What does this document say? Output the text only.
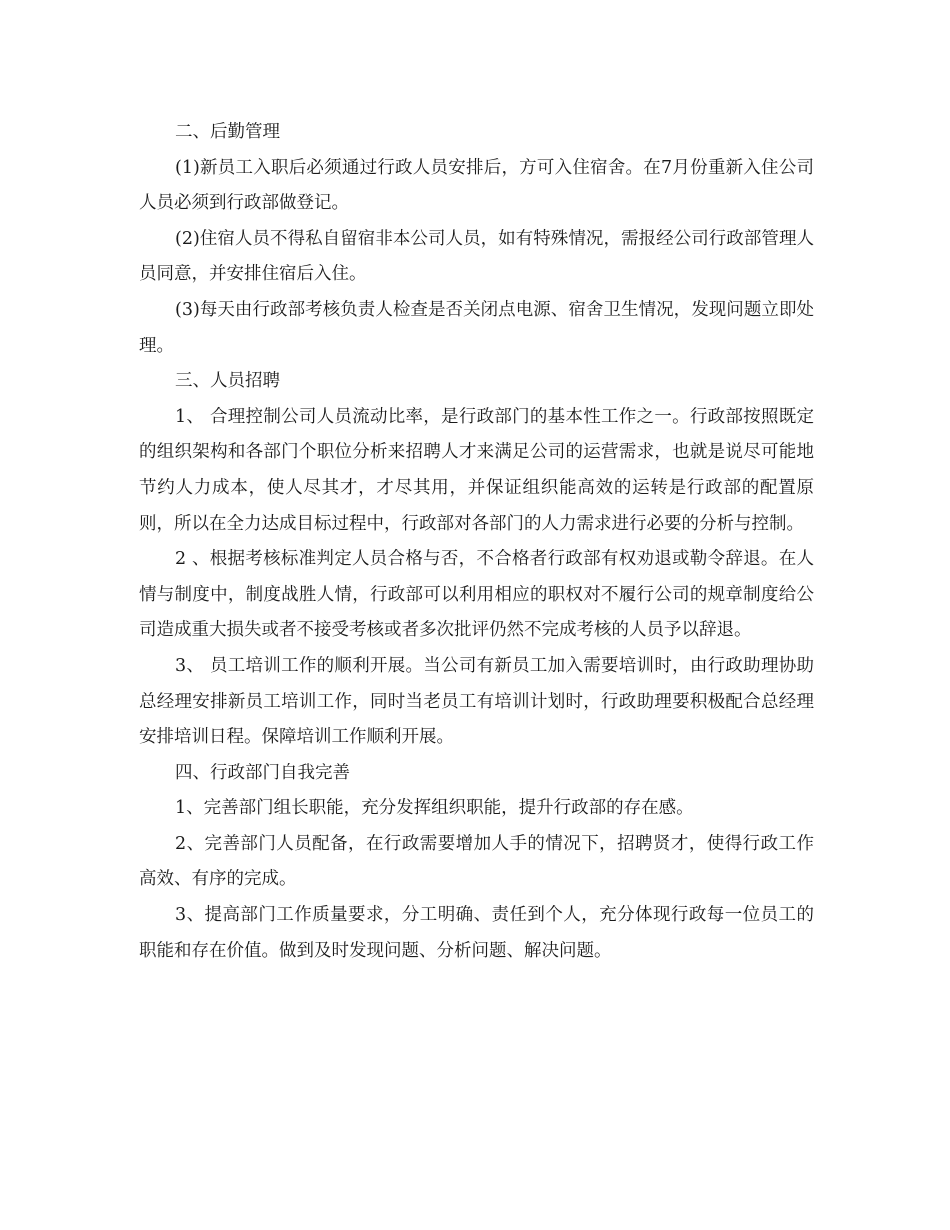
二、后勤管理

(1)新员工入职后必须通过行政人员安排后，方可入住宿舍。在7月份重新入住公司人员必须到行政部做登记。

(2)住宿人员不得私自留宿非本公司人员，如有特殊情况，需报经公司行政部管理人员同意，并安排住宿后入住。

(3)每天由行政部考核负责人检查是否关闭点电源、宿舍卫生情况，发现问题立即处理。

三、人员招聘

1、 合理控制公司人员流动比率，是行政部门的基本性工作之一。行政部按照既定的组织架构和各部门个职位分析来招聘人才来满足公司的运营需求，也就是说尽可能地节约人力成本，使人尽其才，才尽其用，并保证组织能高效的运转是行政部的配置原则，所以在全力达成目标过程中，行政部对各部门的人力需求进行必要的分析与控制。

2 、根据考核标准判定人员合格与否，不合格者行政部有权劝退或勒令辞退。在人情与制度中，制度战胜人情，行政部可以利用相应的职权对不履行公司的规章制度给公司造成重大损失或者不接受考核或者多次批评仍然不完成考核的人员予以辞退。

3、 员工培训工作的顺利开展。当公司有新员工加入需要培训时，由行政助理协助总经理安排新员工培训工作，同时当老员工有培训计划时，行政助理要积极配合总经理安排培训日程。保障培训工作顺利开展。

四、行政部门自我完善

1、完善部门组长职能，充分发挥组织职能，提升行政部的存在感。

2、完善部门人员配备，在行政需要增加人手的情况下，招聘贤才，使得行政工作高效、有序的完成。

3、提高部门工作质量要求，分工明确、责任到个人，充分体现行政每一位员工的职能和存在价值。做到及时发现问题、分析问题、解决问题。
